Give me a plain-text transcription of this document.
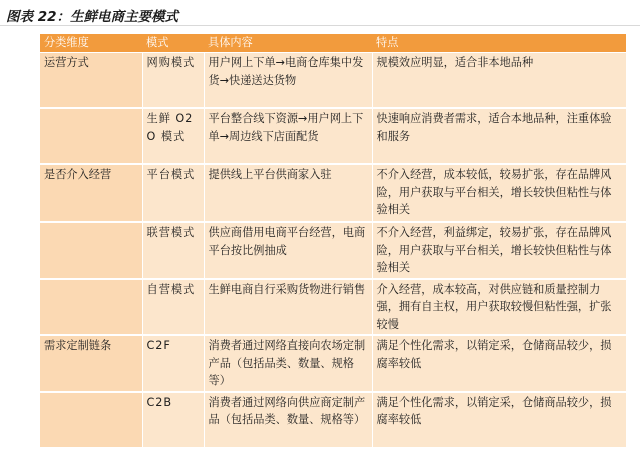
图表 22：生鲜电商主要模式
分类维度	模式	具体内容	特点
运营方式	网购模式	用户网上下单→电商仓库集中发货→快递送达货物	规模效应明显，适合非本地品种
	生鲜 O2O 模式	平台整合线下资源→用户网上下单→周边线下店面配货	快速响应消费者需求，适合本地品种，注重体验和服务
是否介入经营	平台模式	提供线上平台供商家入驻	不介入经营，成本较低，较易扩张，存在品牌风险，用户获取与平台相关，增长较快但粘性与体验相关
	联营模式	供应商借用电商平台经营，电商平台按比例抽成	不介入经营，利益绑定，较易扩张，存在品牌风险，用户获取与平台相关，增长较快但粘性与体验相关
	自营模式	生鲜电商自行采购货物进行销售	介入经营，成本较高，对供应链和质量控制力强，拥有自主权，用户获取较慢但粘性强，扩张较慢
需求定制链条	C2F	消费者通过网络直接向农场定制产品（包括品类、数量、规格等）	满足个性化需求，以销定采，仓储商品较少，损腐率较低
	C2B	消费者通过网络向供应商定制产品（包括品类、数量、规格等）	满足个性化需求，以销定采，仓储商品较少，损腐率较低
